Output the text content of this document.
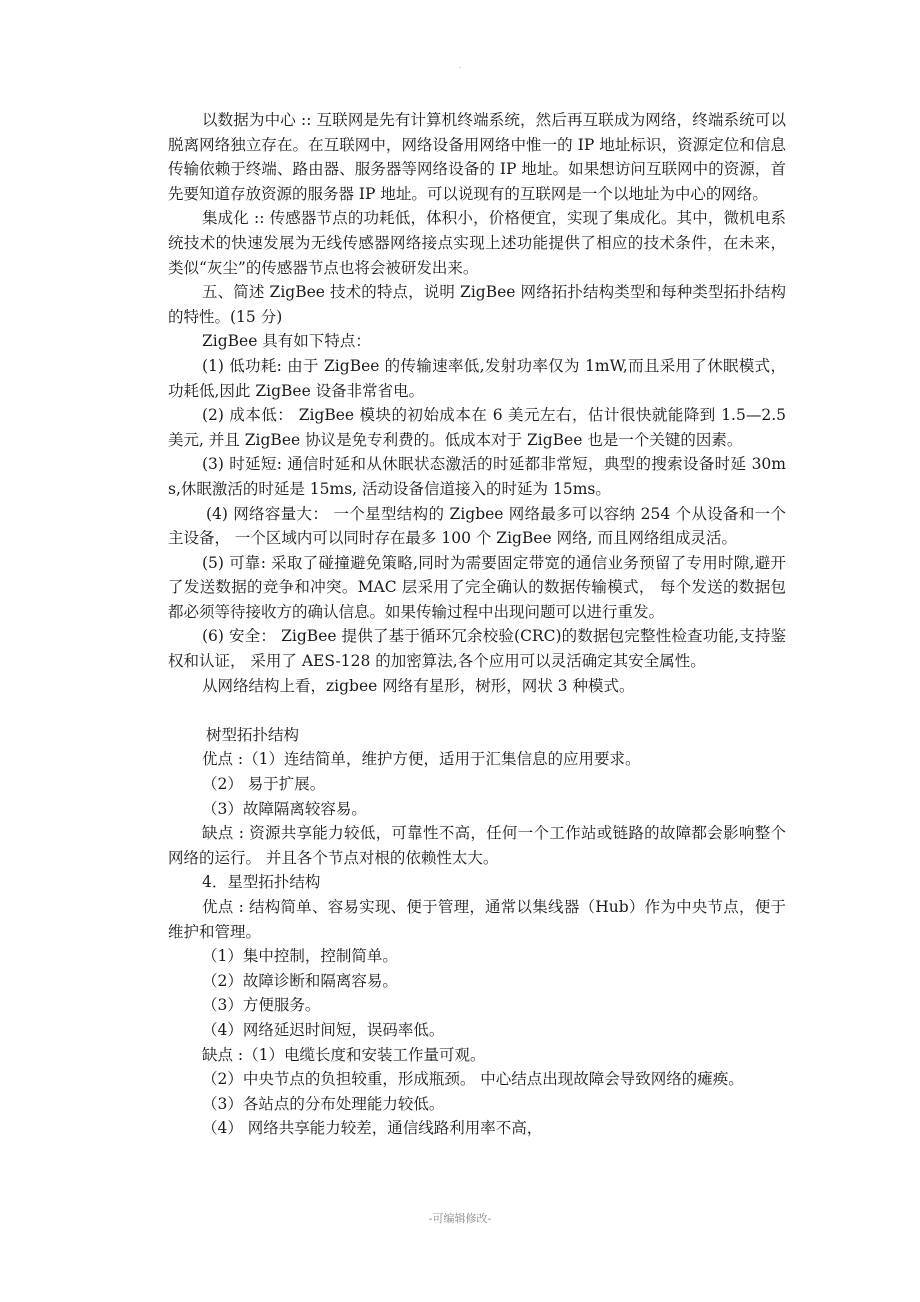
.

以数据为中心 :: 互联网是先有计算机终端系统，然后再互联成为网络，终端系统可以脱离网络独立存在。在互联网中，网络设备用网络中惟一的 IP 地址标识，资源定位和信息传输依赖于终端、路由器、服务器等网络设备的 IP 地址。如果想访问互联网中的资源，首先要知道存放资源的服务器 IP 地址。可以说现有的互联网是一个以地址为中心的网络。

集成化 :: 传感器节点的功耗低，体积小，价格便宜，实现了集成化。其中，微机电系统技术的快速发展为无线传感器网络接点实现上述功能提供了相应的技术条件，在未来，类似“灰尘”的传感器节点也将会被研发出来。

五、简述 ZigBee 技术的特点，说明 ZigBee 网络拓扑结构类型和每种类型拓扑结构的特性。(15 分)

ZigBee 具有如下特点：

(1) 低功耗: 由于 ZigBee 的传输速率低,发射功率仅为 1mW,而且采用了休眠模式，功耗低,因此 ZigBee 设备非常省电。

(2) 成本低： ZigBee 模块的初始成本在 6 美元左右，估计很快就能降到 1.5—2.5 美元, 并且 ZigBee 协议是免专利费的。低成本对于 ZigBee 也是一个关键的因素。

(3) 时延短: 通信时延和从休眠状态激活的时延都非常短，典型的搜索设备时延 30ms,休眠激活的时延是 15ms, 活动设备信道接入的时延为 15ms。

(4) 网络容量大： 一个星型结构的 Zigbee 网络最多可以容纳 254 个从设备和一个主设备， 一个区域内可以同时存在最多 100 个 ZigBee 网络, 而且网络组成灵活。

(5) 可靠: 采取了碰撞避免策略,同时为需要固定带宽的通信业务预留了专用时隙,避开了发送数据的竞争和冲突。MAC 层采用了完全确认的数据传输模式， 每个发送的数据包都必须等待接收方的确认信息。如果传输过程中出现问题可以进行重发。

(6) 安全： ZigBee 提供了基于循环冗余校验(CRC)的数据包完整性检查功能,支持鉴权和认证， 采用了 AES-128 的加密算法,各个应用可以灵活确定其安全属性。

从网络结构上看，zigbee 网络有星形，树形，网状 3 种模式。

树型拓扑结构

优点 :（1）连结简单，维护方便，适用于汇集信息的应用要求。

（2） 易于扩展。

（3）故障隔离较容易。

缺点 : 资源共享能力较低，可靠性不高，任何一个工作站或链路的故障都会影响整个网络的运行。 并且各个节点对根的依赖性太大。

4．星型拓扑结构

优点 : 结构简单、容易实现、便于管理，通常以集线器（Hub）作为中央节点，便于维护和管理。

（1）集中控制，控制简单。

（2）故障诊断和隔离容易。

（3）方便服务。

（4）网络延迟时间短，误码率低。

缺点 :（1）电缆长度和安装工作量可观。

（2）中央节点的负担较重，形成瓶颈。 中心结点出现故障会导致网络的瘫痪。

（3）各站点的分布处理能力较低。

（4） 网络共享能力较差，通信线路利用率不高，

-可编辑修改-
